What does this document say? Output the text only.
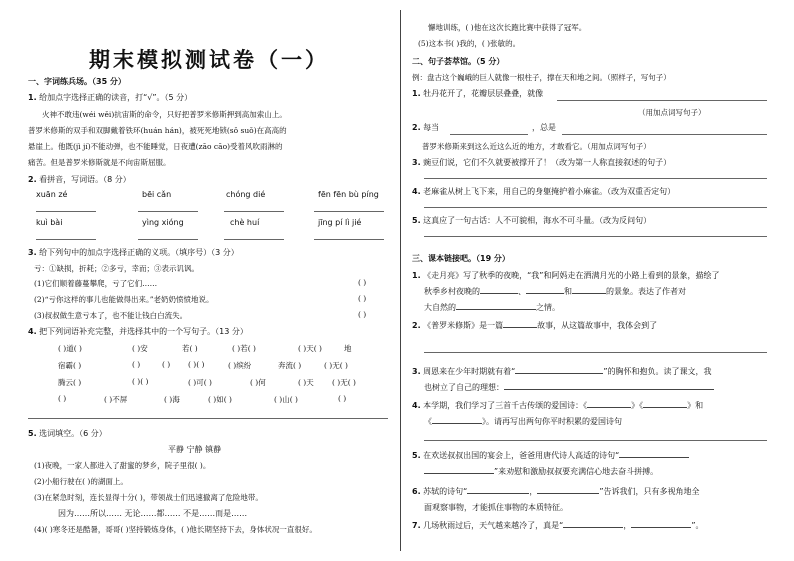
期末模拟测试卷（一）
一、字词练兵场。（35 分）
1. 给加点字选择正确的读音，打“√”。（5 分）
火神不敢违(wéi wěi)抗宙斯的命令，只好把普罗米修斯押到高加索山上。
普罗米修斯的双手和双脚戴着铁环(huán hán)，被死死地锁(sǒ suǒ)在高高的
悬崖上。他既(jì jí)不能动弹，也不能睡觉，日夜遭(zāo cāo)受着风吹雨淋的
痛苦。但是普罗米修斯就是不向宙斯屈服。
2. 看拼音，写词语。（8 分）
xuān zé	bēi cǎn	chóng dié	fēn fēn bù píng
kuì bài	yìng xióng	chè huí	jīng pí lì jié
3. 给下列句中的加点字选择正确的义项。（填序号）（3 分）
亏：①缺损，折耗；②多亏，幸而；③表示讥讽。
(1)它们顺着藤蔓攀爬，亏了它们……	( )
(2)“亏你这样的事儿也能做得出来。”老奶奶愤愤地说。	( )
(3)叔叔做生意亏本了，也不能让钱白白流失。	( )
4. 把下列词语补充完整，并选择其中的一个写句子。（13 分）
( )道( )	( )安	若( )	( )若( )	( )天( )	地
宿霸( )	( )	( ) ( )( )	( )缤纷	奔流( )	( )无( )
腾云( )	( )( )	( )可( )	( )何	( )天 ( )无( )
( )	( )不屏	( )海	( )如( )	( )山( )	( )
5. 选词填空。（6 分）
平静 宁静 镇静
(1)夜晚，一家人都进入了甜蜜的梦乡，院子里很( )。
(2)小船行驶在( )的湖面上。
(3)在紧急时刻，连长显得十分( )，带领战士们迅速撤离了危险地带。
因为……所以…… 无论……都…… 不是……而是……
(4)( )寒冬还是酷暑，哥哥( )坚持锻炼身体，( )他长期坚持下去，身体状况一直很好。
懈地训练，( )他在这次长跑比赛中获得了冠军。
(5)这本书( )我的，( )张敏的。
二、句子荟萃馆。（5 分）
例：盘古这个巍峨的巨人就像一根柱子，撑在天和地之间。（照样子，写句子）
1. 牡丹花开了，花瓣层层叠叠，就像
（用加点词写句子）
2. 每当	，总是
普罗米修斯来到这么近这么近的地方，才敢看它。（用加点词写句子）
3. 豌豆们说，它们不久就要被撑开了！（改为第一人称直接叙述的句子）
4. 老麻雀从树上飞下来，用自己的身躯掩护着小麻雀。（改为双重否定句）
5. 这真应了一句古话：人不可貌相，海水不可斗量。（改为反问句）
三、课本链接吧。（19 分）
1. 《走月亮》写了秋季的夜晚，“我”和阿妈走在洒满月光的小路上看到的景象，描绘了
秋季乡村夜晚的	、	和	的景象。表达了作者对
大自然的	之情。
2. 《普罗米修斯》是一篇	故事，从这篇故事中，我体会到了
3. 周恩来在少年时期就有着“	”的胸怀和抱负。读了课文，我
也树立了自己的理想：
4. 本学期，我们学习了三首千古传颂的爱国诗：《	》《	》和
《	》。请再写出两句你平时积累的爱国诗句
5. 在欢送叔叔出国的宴会上，爸爸用唐代诗人高适的诗句“
”来劝慰和激励叔叔要充满信心地去奋斗拼搏。
6. 苏轼的诗句“	，	”告诉我们，只有多视角地全
面观察事物，才能抓住事物的本质特征。
7. 几场秋雨过后，天气越来越冷了，真是“	，	”。
